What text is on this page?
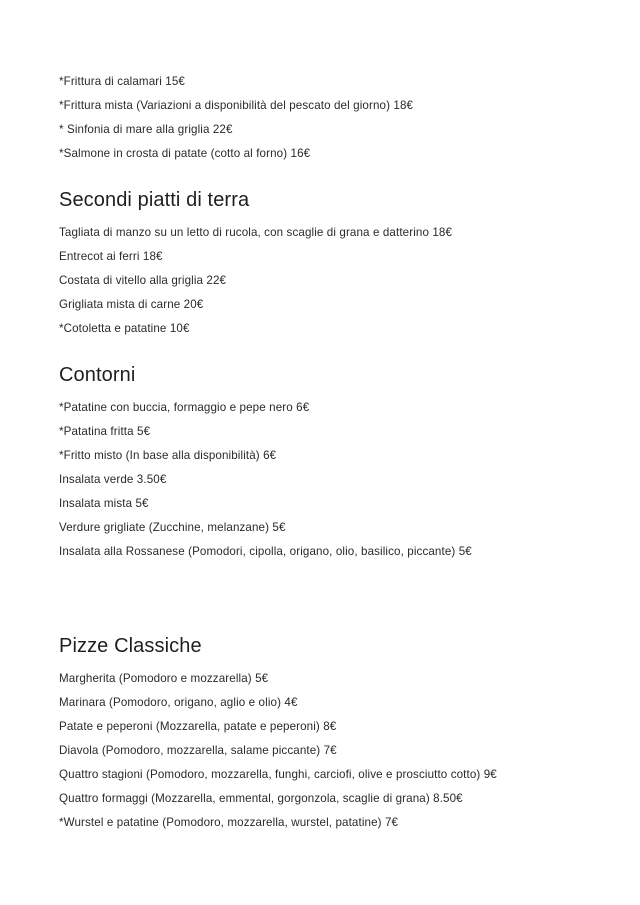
*Frittura di calamari 15€

*Frittura mista (Variazioni a disponibilità del pescato del giorno) 18€

* Sinfonia di mare alla griglia 22€

*Salmone in crosta di patate (cotto al forno) 16€

Secondi piatti di terra

Tagliata di manzo su un letto di rucola, con scaglie di grana e datterino 18€

Entrecot ai ferri 18€

Costata di vitello alla griglia 22€

Grigliata mista di carne 20€

*Cotoletta e patatine 10€

Contorni

*Patatine con buccia, formaggio e pepe nero 6€

*Patatina fritta 5€

*Fritto misto (In base alla disponibilità) 6€

Insalata verde 3.50€

Insalata mista 5€

Verdure grigliate (Zucchine, melanzane) 5€

Insalata alla Rossanese (Pomodori, cipolla, origano, olio, basilico, piccante) 5€

Pizze Classiche

Margherita (Pomodoro e mozzarella) 5€

Marinara (Pomodoro, origano, aglio e olio) 4€

Patate e peperoni (Mozzarella, patate e peperoni) 8€

Diavola (Pomodoro, mozzarella, salame piccante) 7€

Quattro stagioni (Pomodoro, mozzarella, funghi, carciofi, olive e prosciutto cotto) 9€

Quattro formaggi (Mozzarella, emmental, gorgonzola, scaglie di grana) 8.50€

*Wurstel e patatine (Pomodoro, mozzarella, wurstel, patatine) 7€
